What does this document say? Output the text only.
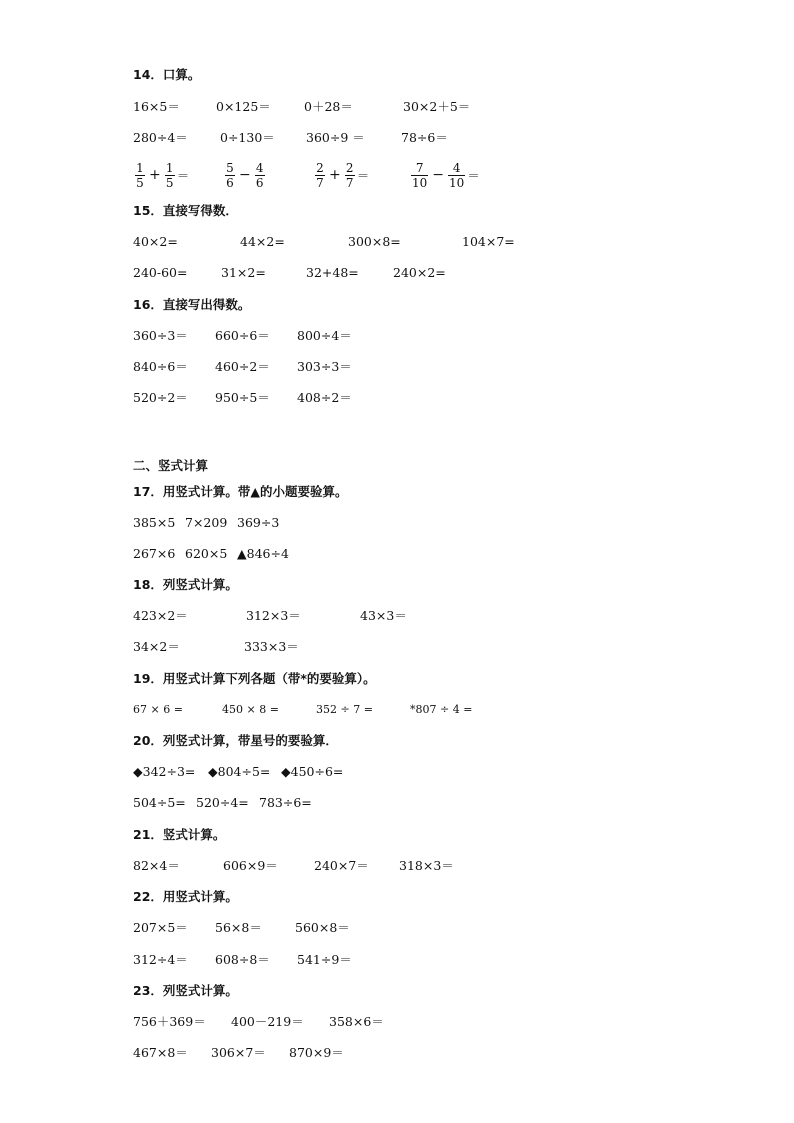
14．口算。
16×5＝	0×125＝	0＋28＝	30×2＋5＝
280÷4＝	0÷130＝ 360÷9 ＝	78÷6＝
$\frac{1}{5} + \frac{1}{5}$ ＝	$\frac{5}{6} - \frac{4}{6}$	$\frac{2}{7} + \frac{2}{7}$ ＝	$\frac{7}{10} - \frac{4}{10}$ ＝
15．直接写得数．
40×2=	44×2=	300×8=	104×7=
240-60=	31×2=	32+48=	240×2=
16．直接写出得数。
360÷3＝ 660÷6＝ 800÷4＝
840÷6＝ 460÷2＝ 303÷3＝
520÷2＝ 950÷5＝ 408÷2＝
二、竖式计算
17．用竖式计算。带▲的小题要验算。
385×5 7×209 369÷3
267×6 620×5 ▲846÷4
18．列竖式计算。
423×2＝	312×3＝	43×3＝
34×2＝	333×3＝
19．用竖式计算下列各题（带*的要验算）。
67 × 6 =	450 × 8 =	352 ÷ 7 =	*807 ÷ 4 =
20．列竖式计算，带星号的要验算．
◆342÷3= ◆804÷5= ◆450÷6=
504÷5= 520÷4= 783÷6=
21．竖式计算。
82×4＝	606×9＝	240×7＝ 318×3＝
22．用竖式计算。
207×5＝ 56×8＝	560×8＝
312÷4＝ 608÷8＝ 541÷9＝
23．列竖式计算。
756＋369＝ 400－219＝ 358×6＝
467×8＝ 306×7＝ 870×9＝
